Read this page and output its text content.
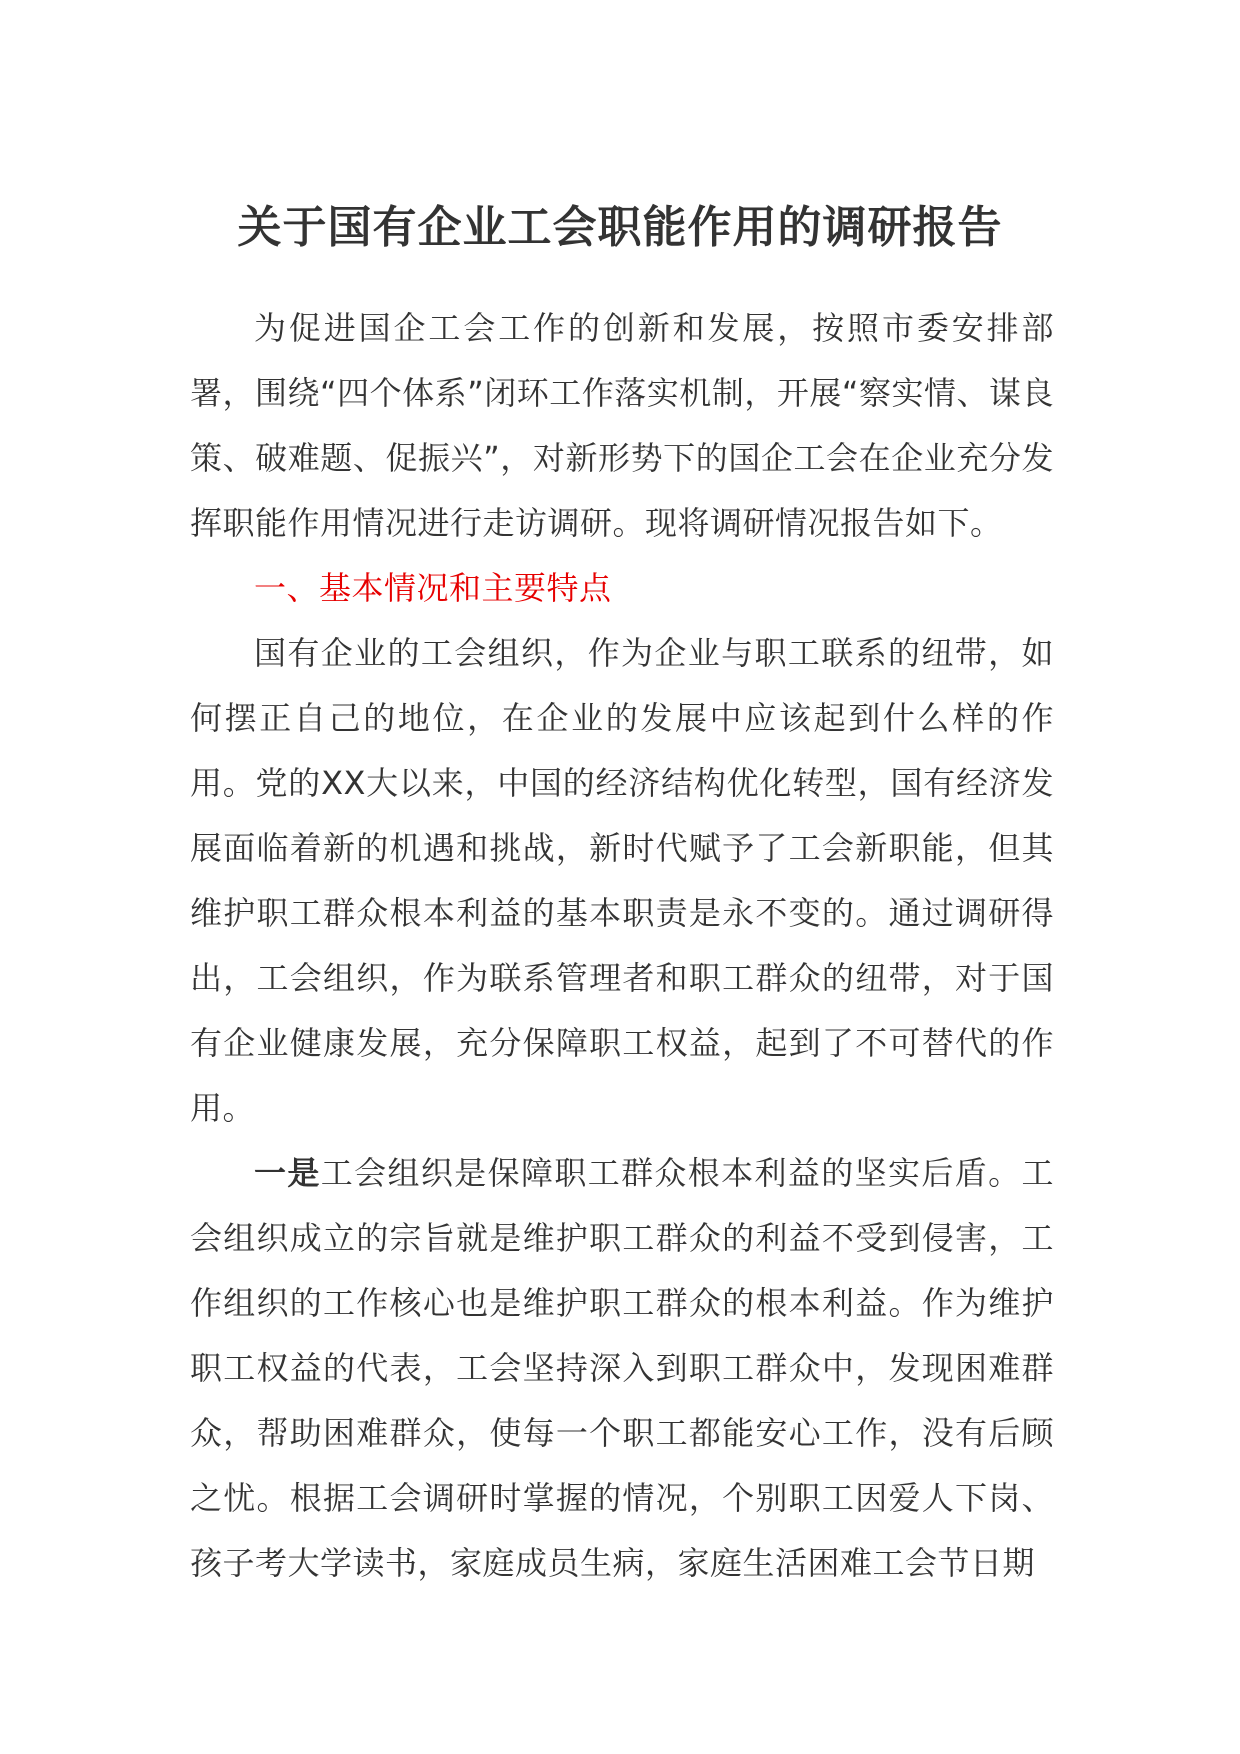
关于国有企业工会职能作用的调研报告

为促进国企工会工作的创新和发展，按照市委安排部署，围绕“四个体系”闭环工作落实机制，开展“察实情、谋良策、破难题、促振兴”，对新形势下的国企工会在企业充分发挥职能作用情况进行走访调研。现将调研情况报告如下。

一、基本情况和主要特点

国有企业的工会组织，作为企业与职工联系的纽带，如何摆正自己的地位，在企业的发展中应该起到什么样的作用。党的XX大以来，中国的经济结构优化转型，国有经济发展面临着新的机遇和挑战，新时代赋予了工会新职能，但其维护职工群众根本利益的基本职责是永不变的。通过调研得出，工会组织，作为联系管理者和职工群众的纽带，对于国有企业健康发展，充分保障职工权益，起到了不可替代的作用。

一是工会组织是保障职工群众根本利益的坚实后盾。工会组织成立的宗旨就是维护职工群众的利益不受到侵害，工作组织的工作核心也是维护职工群众的根本利益。作为维护职工权益的代表，工会坚持深入到职工群众中，发现困难群众，帮助困难群众，使每一个职工都能安心工作，没有后顾之忧。根据工会调研时掌握的情况，个别职工因爱人下岗、孩子考大学读书，家庭成员生病，家庭生活困难工会节日期
